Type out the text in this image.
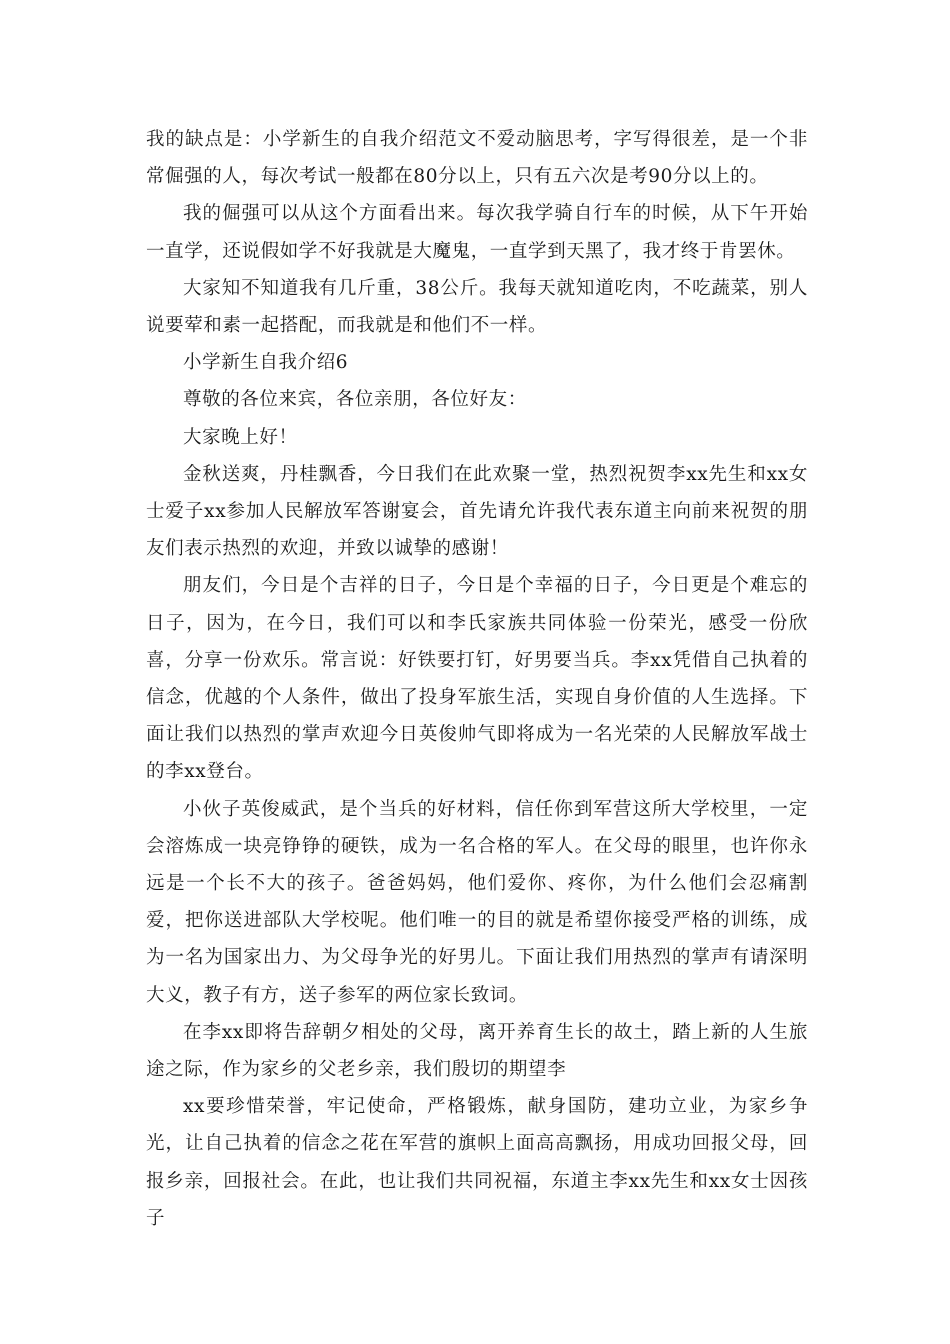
我的缺点是：小学新生的自我介绍范文不爱动脑思考，字写得很差，是一个非常倔强的人，每次考试一般都在80分以上，只有五六次是考90分以上的。

我的倔强可以从这个方面看出来。每次我学骑自行车的时候，从下午开始一直学，还说假如学不好我就是大魔鬼，一直学到天黑了，我才终于肯罢休。

大家知不知道我有几斤重，38公斤。我每天就知道吃肉，不吃蔬菜，别人说要荤和素一起搭配，而我就是和他们不一样。

小学新生自我介绍6

尊敬的各位来宾，各位亲朋，各位好友：

大家晚上好！

金秋送爽，丹桂飘香，今日我们在此欢聚一堂，热烈祝贺李xx先生和xx女士爱子xx参加人民解放军答谢宴会，首先请允许我代表东道主向前来祝贺的朋友们表示热烈的欢迎，并致以诚挚的感谢！

朋友们，今日是个吉祥的日子，今日是个幸福的日子，今日更是个难忘的日子，因为，在今日，我们可以和李氏家族共同体验一份荣光，感受一份欣喜，分享一份欢乐。常言说：好铁要打钉，好男要当兵。李xx凭借自己执着的信念，优越的个人条件，做出了投身军旅生活，实现自身价值的人生选择。下面让我们以热烈的掌声欢迎今日英俊帅气即将成为一名光荣的人民解放军战士的李xx登台。

小伙子英俊威武，是个当兵的好材料，信任你到军营这所大学校里，一定会溶炼成一块亮铮铮的硬铁，成为一名合格的军人。在父母的眼里，也许你永远是一个长不大的孩子。爸爸妈妈，他们爱你、疼你，为什么他们会忍痛割爱，把你送进部队大学校呢。他们唯一的目的就是希望你接受严格的训练，成为一名为国家出力、为父母争光的好男儿。下面让我们用热烈的掌声有请深明大义，教子有方，送子参军的两位家长致词。

在李xx即将告辞朝夕相处的父母，离开养育生长的故土，踏上新的人生旅途之际，作为家乡的父老乡亲，我们殷切的期望李

xx要珍惜荣誉，牢记使命，严格锻炼，献身国防，建功立业，为家乡争光，让自己执着的信念之花在军营的旗帜上面高高飘扬，用成功回报父母，回报乡亲，回报社会。在此，也让我们共同祝福，东道主李xx先生和xx女士因孩子
